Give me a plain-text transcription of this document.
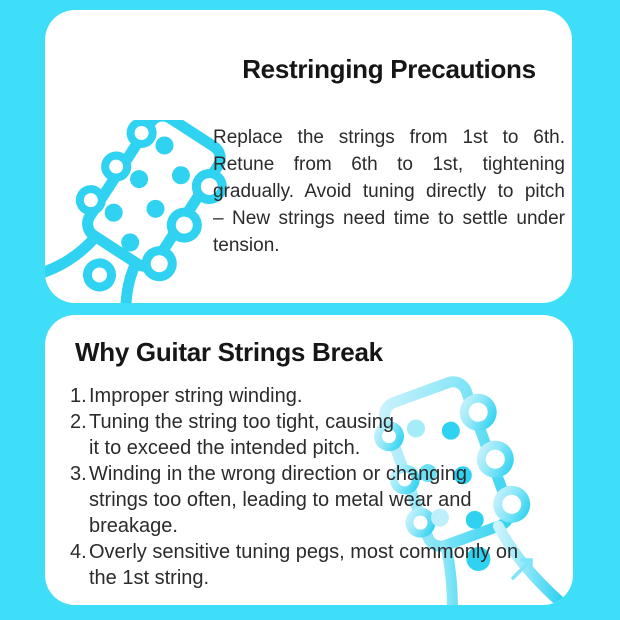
Restringing Precautions
Replace the strings from 1st to 6th.
Retune from 6th to 1st, tightening
gradually. Avoid tuning directly to pitch
– New strings need time to settle under
tension.
Why Guitar Strings Break
1. Improper string winding.
2. Tuning the string too tight, causing
it to exceed the intended pitch.
3. Winding in the wrong direction or changing
strings too often, leading to metal wear and
breakage.
4. Overly sensitive tuning pegs, most commonly on
the 1st string.
